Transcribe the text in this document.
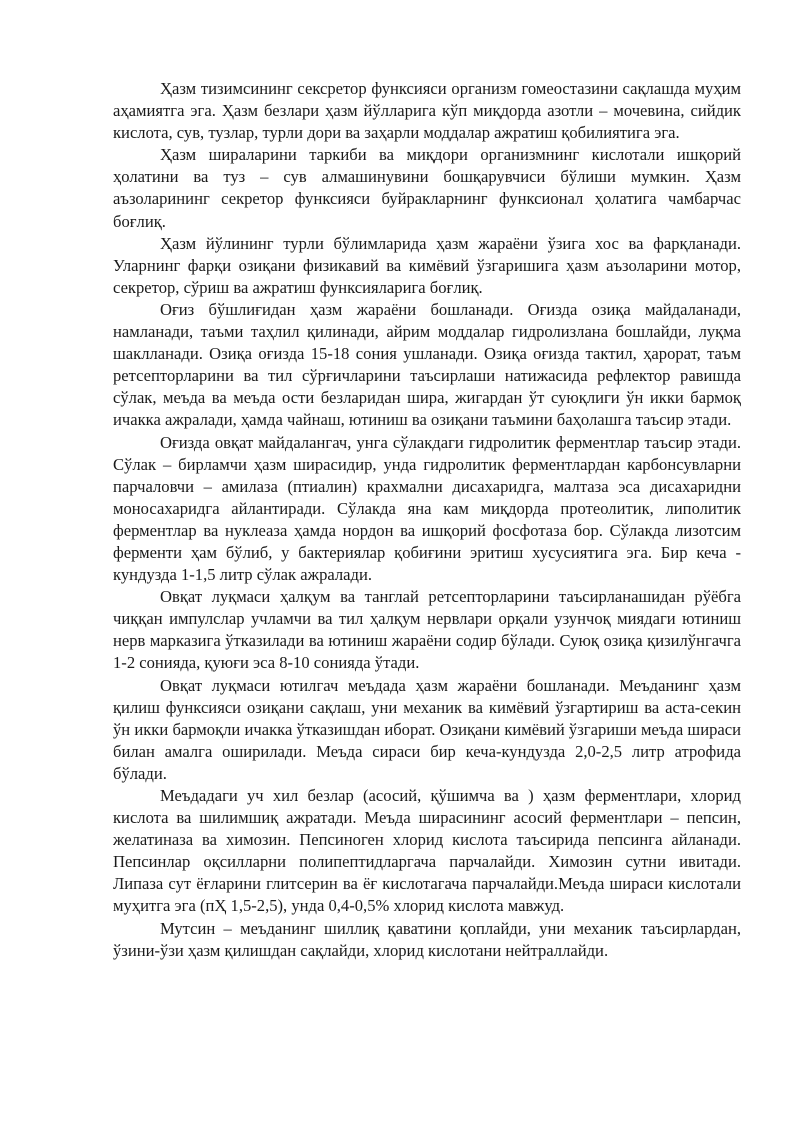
Ҳазм тизимсининг сексретор функсияси организм гомеостазини сақлашда муҳим аҳамиятга эга. Ҳазм безлари ҳазм йўлларига кўп миқдорда азотли – мочевина, сийдик кислота, сув, тузлар, турли дори ва заҳарли моддалар ажратиш қобилиятига эга.

Ҳазм шираларини таркиби ва миқдори организмнинг кислотали ишқорий ҳолатини ва туз – сув алмашинувини бошқарувчиси бўлиши мумкин. Ҳазм аъзоларининг секретор функсияси буйракларнинг функсионал ҳолатига чамбарчас боғлиқ.

Ҳазм йўлининг турли бўлимларида ҳазм жараёни ўзига хос ва фарқланади. Уларнинг фарқи озиқани физикавий ва кимёвий ўзгаришига ҳазм аъзоларини мотор, секретор, сўриш ва ажратиш функсияларига боғлиқ.

Оғиз бўшлиғидан ҳазм жараёни бошланади. Оғизда озиқа майдаланади, намланади, таъми таҳлил қилинади, айрим моддалар гидролизлана бошлайди, луқма шаклланади. Озиқа оғизда 15-18 сония ушланади. Озиқа оғизда тактил, ҳарорат, таъм ретсепторларини ва тил сўрғичларини таъсирлаши натижасида рефлектор равишда сўлак, меъда ва меъда ости безларидан шира, жигардан ўт суюқлиги ўн икки бармоқ ичакка ажралади, ҳамда чайнаш, ютиниш ва озиқани таъмини баҳолашга таъсир этади.

Оғизда овқат майдалангач, унга сўлакдаги гидролитик ферментлар таъсир этади. Сўлак – бирламчи ҳазм ширасидир, унда гидролитик ферментлардан карбонсувларни парчаловчи – амилаза (птиалин) крахмални дисахаридга, малтаза эса дисахаридни моносахаридга айлантиради. Сўлакда яна кам миқдорда протеолитик, липолитик ферментлар ва нуклеаза ҳамда нордон ва ишқорий фосфотаза бор. Сўлакда лизотсим ферменти ҳам бўлиб, у бактериялар қобиғини эритиш хусусиятига эга. Бир кеча - кундузда 1-1,5 литр сўлак ажралади.

Овқат луқмаси ҳалқум ва танглай ретсепторларини таъсирланашидан рўёбга чиққан импулслар учламчи ва тил ҳалқум нервлари орқали узунчоқ миядаги ютиниш нерв марказига ўтказилади ва ютиниш жараёни содир бўлади. Суюқ озиқа қизилўнгачга 1-2 сонияда, қуюғи эса 8-10 сонияда ўтади.

Овқат луқмаси ютилгач меъдада ҳазм жараёни бошланади. Меъданинг ҳазм қилиш функсияси озиқани сақлаш, уни механик ва кимёвий ўзгартириш ва аста-секин ўн икки бармоқли ичакка ўтказишдан иборат. Озиқани кимёвий ўзгариши меъда шираси билан амалга оширилади. Меъда сираси бир кеча-кундузда 2,0-2,5 литр атрофида бўлади.

Меъдадаги уч хил безлар (асосий, қўшимча ва ) ҳазм ферментлари, хлорид кислота ва шилимшиқ ажратади. Меъда ширасининг асосий ферментлари – пепсин, желатиназа ва химозин. Пепсиноген хлорид кислота таъсирида пепсинга айланади. Пепсинлар оқсилларни полипептидларгача парчалайди. Химозин сутни ивитади. Липаза сут ёғларини глитсерин ва ёғ кислотагача парчалайди.Меъда шираси кислотали муҳитга эга (пҲ 1,5-2,5), унда 0,4-0,5% хлорид кислота мавжуд.

Мутсин – меъданинг шиллиқ қаватини қоплайди, уни механик таъсирлардан, ўзини-ўзи ҳазм қилишдан сақлайди, хлорид кислотани нейтраллайди.
